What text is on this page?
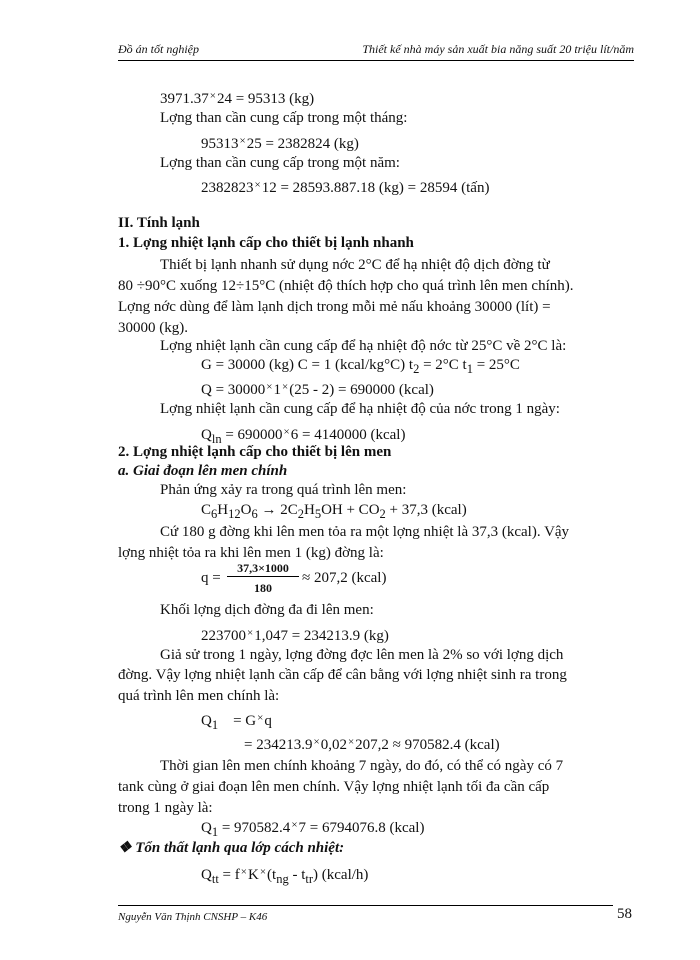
Đồ án tốt nghiệp	Thiết kế nhà máy sản xuất bia năng suất 20 triệu lít/năm
3971.37×24 = 95313 (kg)
Lợng than cần cung cấp trong một tháng:
95313×25 = 2382824 (kg)
Lợng than cần cung cấp trong một năm:
2382823×12 = 28593.887.18 (kg) = 28594 (tấn)
II. Tính lạnh
1. Lợng nhiệt lạnh cấp cho thiết bị lạnh nhanh
Thiết bị lạnh nhanh sử dụng nớc 2°C để hạ nhiệt độ dịch đờng từ
80 ÷90°C xuống 12÷15°C (nhiệt độ thích hợp cho quá trình lên men chính).
Lợng nớc dùng để làm lạnh dịch trong mỗi mẻ nấu khoảng 30000 (lít) =
30000 (kg).
Lợng nhiệt lạnh cần cung cấp để hạ nhiệt độ nớc từ 25°C về 2°C là:
G = 30000 (kg) C = 1 (kcal/kg°C) $t_2 = 2^\circ C$ $t_1 = 25^\circ C$
Q = 30000×1×(25 - 2) = 690000 (kcal)
Lợng nhiệt lạnh cần cung cấp để hạ nhiệt độ của nớc trong 1 ngày:
$Q_{ln} = 690000^\times 6 = 4140000$ (kcal)
2. Lợng nhiệt lạnh cấp cho thiết bị lên men
a. Giai đoạn lên men chính
Phản ứng xảy ra trong quá trình lên men:
$C_6H_{12}O_6 \to 2C_2H_5OH + CO_2 + 37,3$ (kcal)
Cứ 180 g đờng khi lên men tỏa ra một lợng nhiệt là 37,3 (kcal). Vậy
lợng nhiệt tỏa ra khi lên men 1 (kg) đờng là:
$q = \frac{37,3\times 1000}{180} \approx 207,2$ (kcal)
Khối lợng dịch đờng đa đi lên men:
223700×1,047 = 234213.9 (kg)
Giả sử trong 1 ngày, lợng đờng đợc lên men là 2% so với lợng dịch
đờng. Vậy lợng nhiệt lạnh cần cấp để cân bằng với lợng nhiệt sinh ra trong
quá trình lên men chính là:
$Q_1 = G^\times q$
= 234213.9×0,02×207,2 ≈ 970582.4 (kcal)
Thời gian lên men chính khoảng 7 ngày, do đó, có thể có ngày có 7
tank cùng ở giai đoạn lên men chính. Vậy lợng nhiệt lạnh tối đa cần cấp
trong 1 ngày là:
$Q_1 = 970582.4^\times 7 = 6794076.8$ (kcal)
❖ Tổn thất lạnh qua lớp cách nhiệt:
$Q_{tt} = f^\times K^\times(t_{ng} - t_{tr})$ (kcal/h)
Nguyễn Văn Thịnh CNSHP – K46	58
